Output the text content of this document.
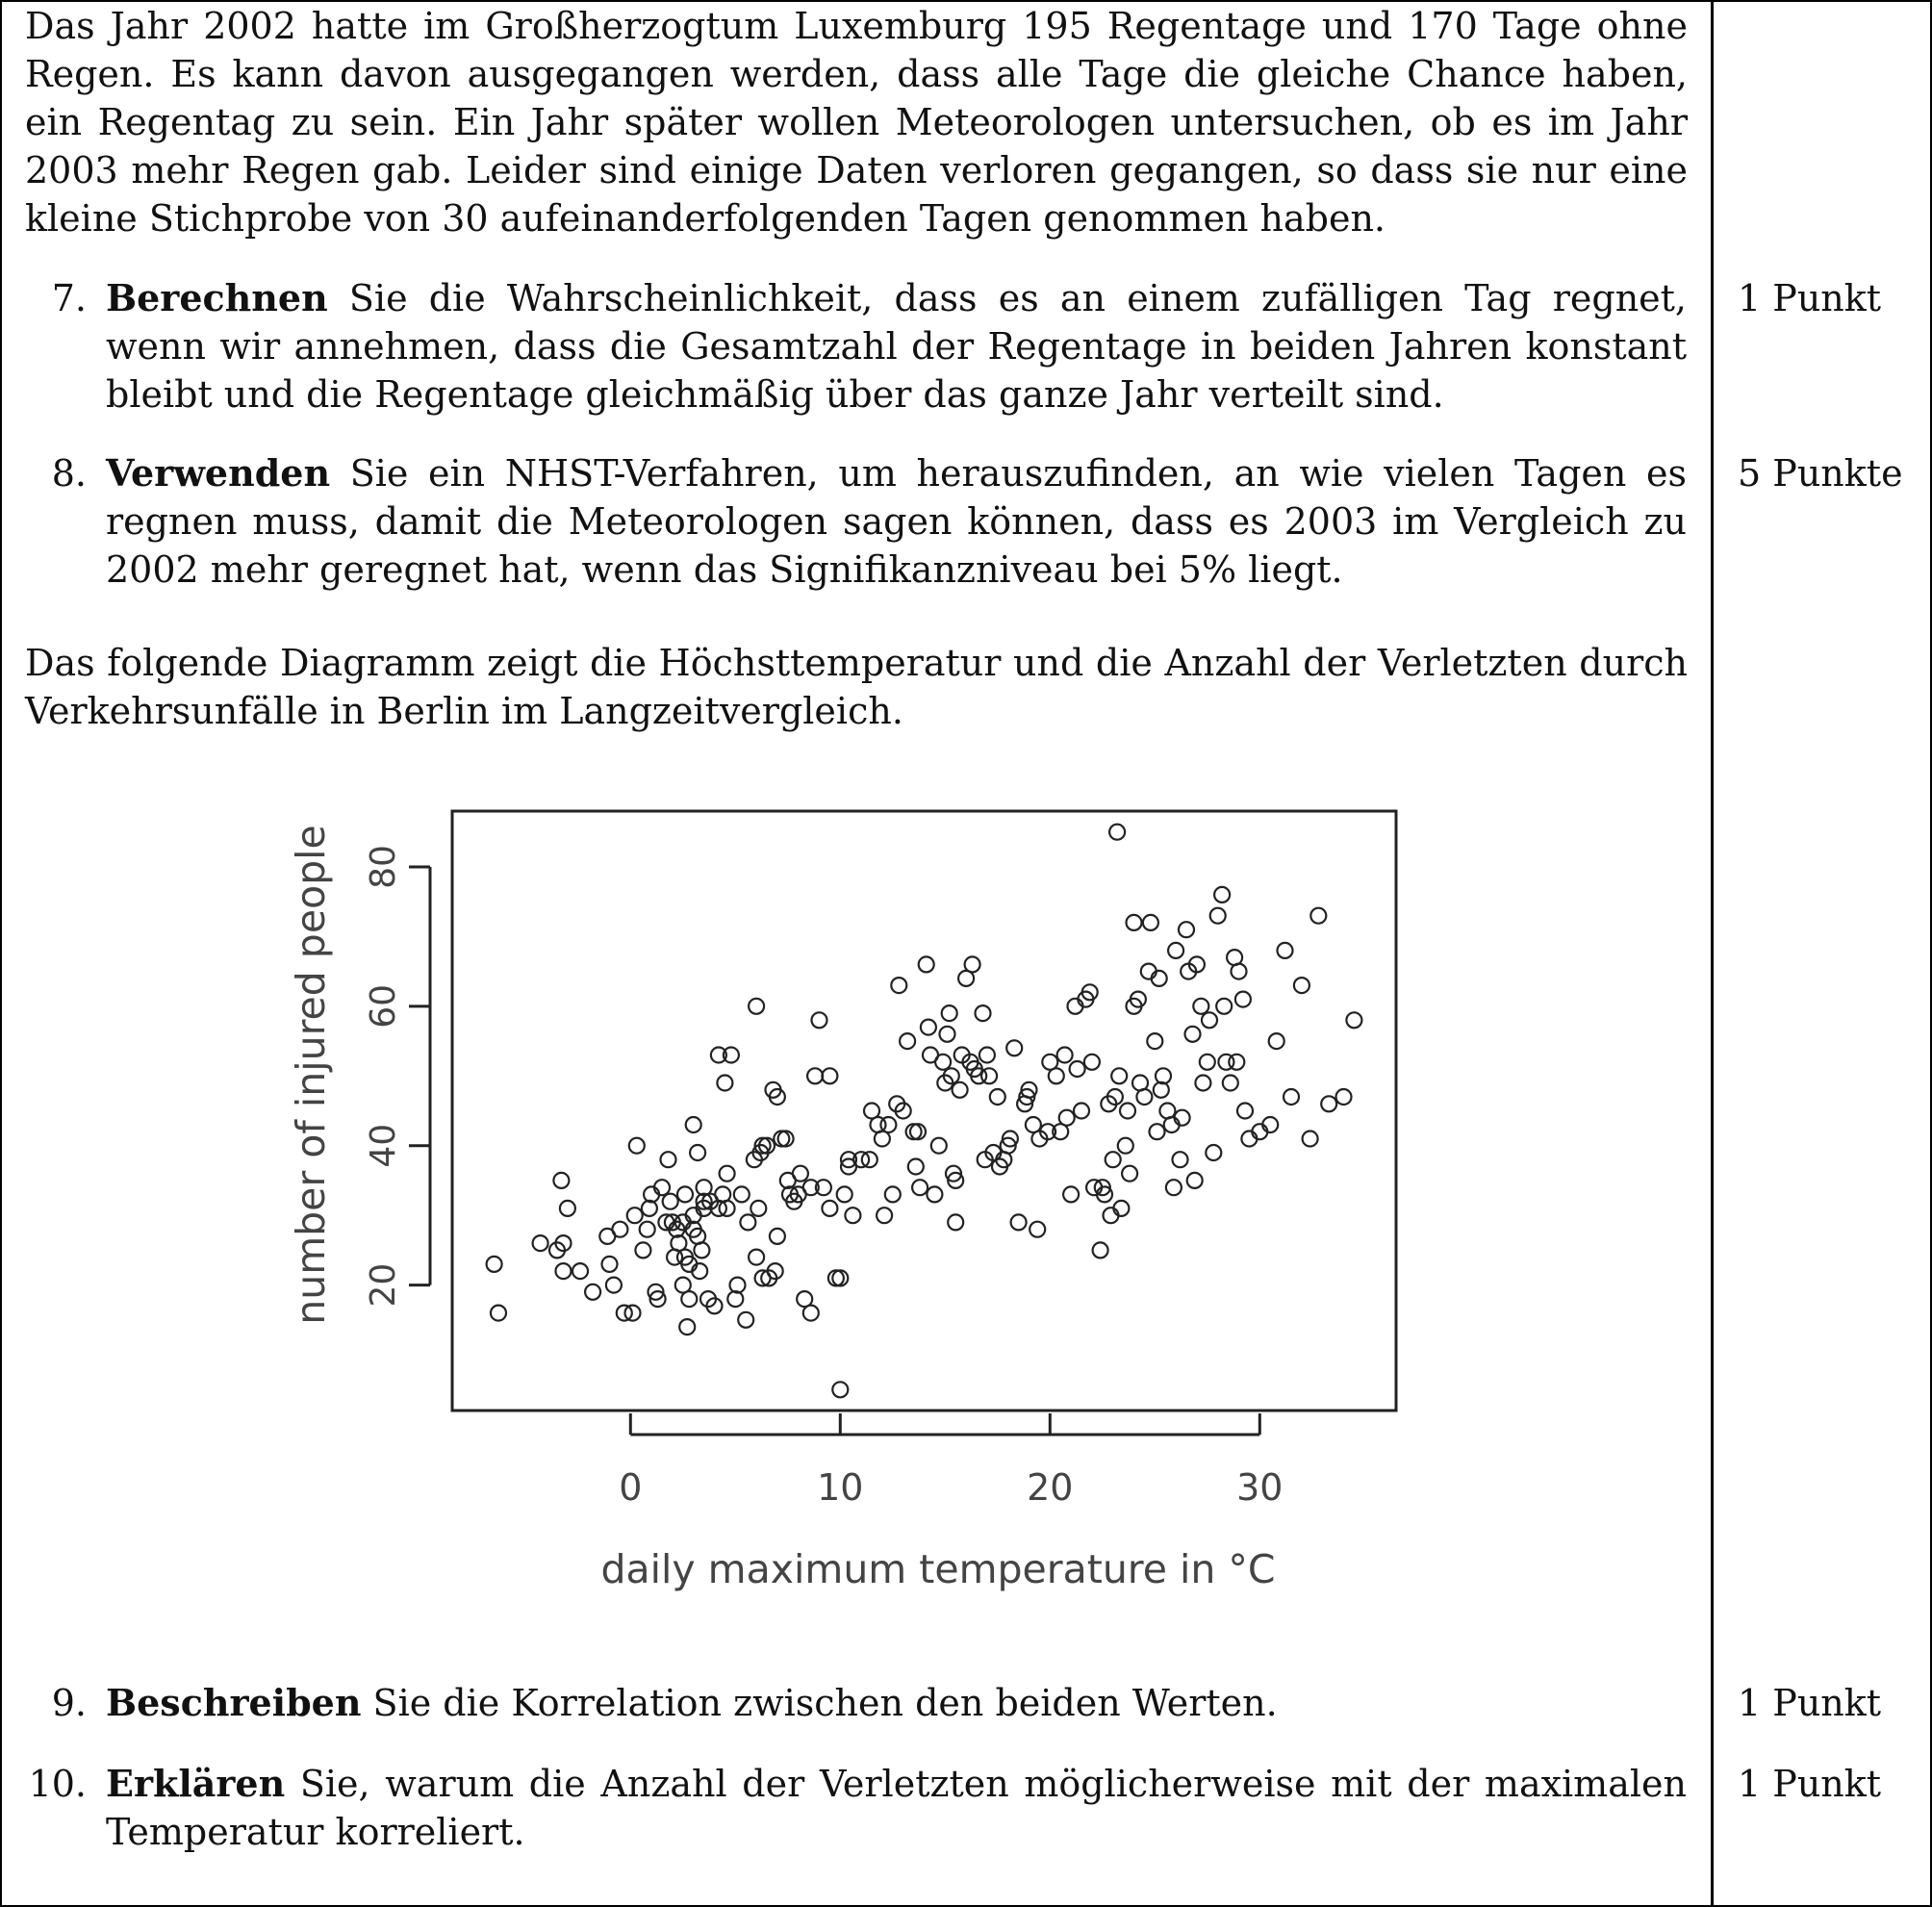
Das Jahr 2002 hatte im Großherzogtum Luxemburg 195 Regentage und 170 Tage ohne Regen. Es kann davon ausgegangen werden, dass alle Tage die gleiche Chance haben, ein Regentag zu sein. Ein Jahr später wollen Meteorologen untersuchen, ob es im Jahr 2003 mehr Regen gab. Leider sind einige Daten verloren gegangen, so dass sie nur eine kleine Stichprobe von 30 aufeinanderfolgenden Tagen genommen haben.
7. Berechnen Sie die Wahrscheinlichkeit, dass es an einem zufälligen Tag regnet, wenn wir annehmen, dass die Gesamtzahl der Regentage in beiden Jahren konstant bleibt und die Regentage gleichmäßig über das ganze Jahr verteilt sind.
1 Punkt
8. Verwenden Sie ein NHST-Verfahren, um herauszufinden, an wie vielen Tagen es regnen muss, damit die Meteorologen sagen können, dass es 2003 im Vergleich zu 2002 mehr geregnet hat, wenn das Signifikanzniveau bei 5% liegt.
5 Punkte
Das folgende Diagramm zeigt die Höchsttemperatur und die Anzahl der Verletzten durch Verkehrsunfälle in Berlin im Langzeitvergleich.
20
40
60
80
0	10	20	30
daily maximum temperature in °C
number of injured people
9. Beschreiben Sie die Korrelation zwischen den beiden Werten.	1 Punkt
10. Erklären Sie, warum die Anzahl der Verletzten möglicherweise mit der maximalen Temperatur korreliert.
1 Punkt
